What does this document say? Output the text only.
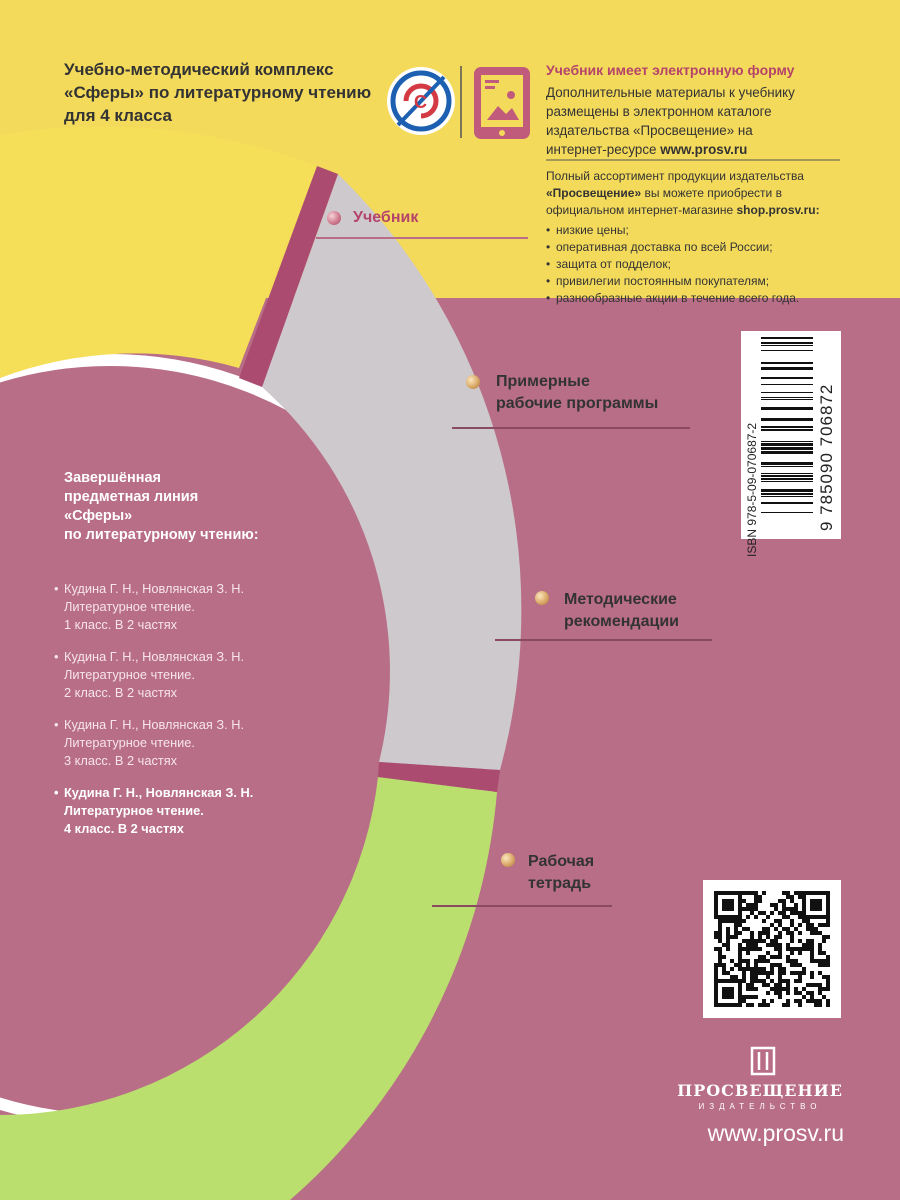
C
Учебно-методический комплекс
«Сферы» по литературному чтению
для 4 класса
Учебник имеет электронную форму
Дополнительные материалы к учебнику
размещены в электронном каталоге
издательства «Просвещение» на
интернет-ресурсе www.prosv.ru
Полный ассортимент продукции издательства
«Просвещение» вы можете приобрести в
официальном интернет-магазине shop.prosv.ru:
• низкие цены;
• оперативная доставка по всей России;
• защита от подделок;
• привилегии постоянным покупателям;
• разнообразные акции в течение всего года.
Учебник
Примерные
рабочие программы
Методические
рекомендации
Рабочая
тетрадь
Завершённая
предметная линия
«Сферы»
по литературному чтению:
• Кудина Г. Н., Новлянская З. Н.
Литературное чтение.
1 класс. В 2 частях
• Кудина Г. Н., Новлянская З. Н.
Литературное чтение.
2 класс. В 2 частях
• Кудина Г. Н., Новлянская З. Н.
Литературное чтение.
3 класс. В 2 частях
• Кудина Г. Н., Новлянская З. Н.
Литературное чтение.
4 класс. В 2 частях
ISBN 978-5-09-070687-2	9 785090 706872
ПРОСВЕЩЕНИЕ
ИЗДАТЕЛЬСТВО
www.prosv.ru
